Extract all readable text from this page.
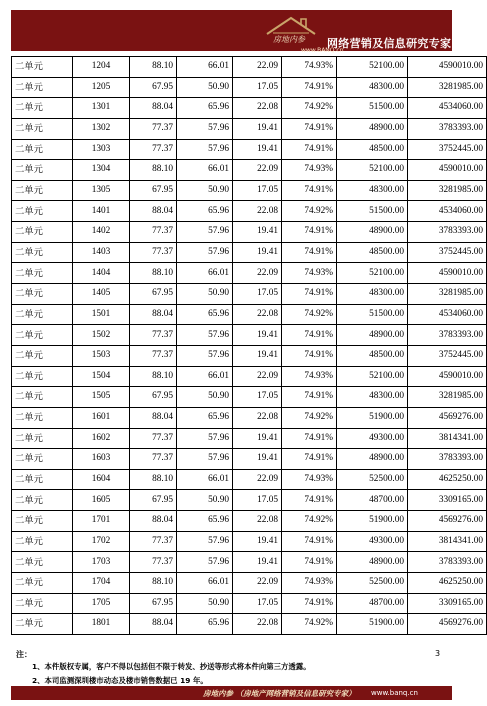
房地内参
www.BANQ.cn
网络营销及信息研究专家
二单元	1204	88.10	66.01	22.09	74.93%	52100.00	4590010.00
二单元	1205	67.95	50.90	17.05	74.91%	48300.00	3281985.00
二单元	1301	88.04	65.96	22.08	74.92%	51500.00	4534060.00
二单元	1302	77.37	57.96	19.41	74.91%	48900.00	3783393.00
二单元	1303	77.37	57.96	19.41	74.91%	48500.00	3752445.00
二单元	1304	88.10	66.01	22.09	74.93%	52100.00	4590010.00
二单元	1305	67.95	50.90	17.05	74.91%	48300.00	3281985.00
二单元	1401	88.04	65.96	22.08	74.92%	51500.00	4534060.00
二单元	1402	77.37	57.96	19.41	74.91%	48900.00	3783393.00
二单元	1403	77.37	57.96	19.41	74.91%	48500.00	3752445.00
二单元	1404	88.10	66.01	22.09	74.93%	52100.00	4590010.00
二单元	1405	67.95	50.90	17.05	74.91%	48300.00	3281985.00
二单元	1501	88.04	65.96	22.08	74.92%	51500.00	4534060.00
二单元	1502	77.37	57.96	19.41	74.91%	48900.00	3783393.00
二单元	1503	77.37	57.96	19.41	74.91%	48500.00	3752445.00
二单元	1504	88.10	66.01	22.09	74.93%	52100.00	4590010.00
二单元	1505	67.95	50.90	17.05	74.91%	48300.00	3281985.00
二单元	1601	88.04	65.96	22.08	74.92%	51900.00	4569276.00
二单元	1602	77.37	57.96	19.41	74.91%	49300.00	3814341.00
二单元	1603	77.37	57.96	19.41	74.91%	48900.00	3783393.00
二单元	1604	88.10	66.01	22.09	74.93%	52500.00	4625250.00
二单元	1605	67.95	50.90	17.05	74.91%	48700.00	3309165.00
二单元	1701	88.04	65.96	22.08	74.92%	51900.00	4569276.00
二单元	1702	77.37	57.96	19.41	74.91%	49300.00	3814341.00
二单元	1703	77.37	57.96	19.41	74.91%	48900.00	3783393.00
二单元	1704	88.10	66.01	22.09	74.93%	52500.00	4625250.00
二单元	1705	67.95	50.90	17.05	74.91%	48700.00	3309165.00
二单元	1801	88.04	65.96	22.08	74.92%	51900.00	4569276.00
注：	3
1、本件版权专属，客户不得以包括但不限于转发、抄送等形式将本件向第三方透露。
2、本司监测深圳楼市动态及楼市销售数据已 19 年。
房地内参 （房地产网络营销及信息研究专家） www.banq.cn
